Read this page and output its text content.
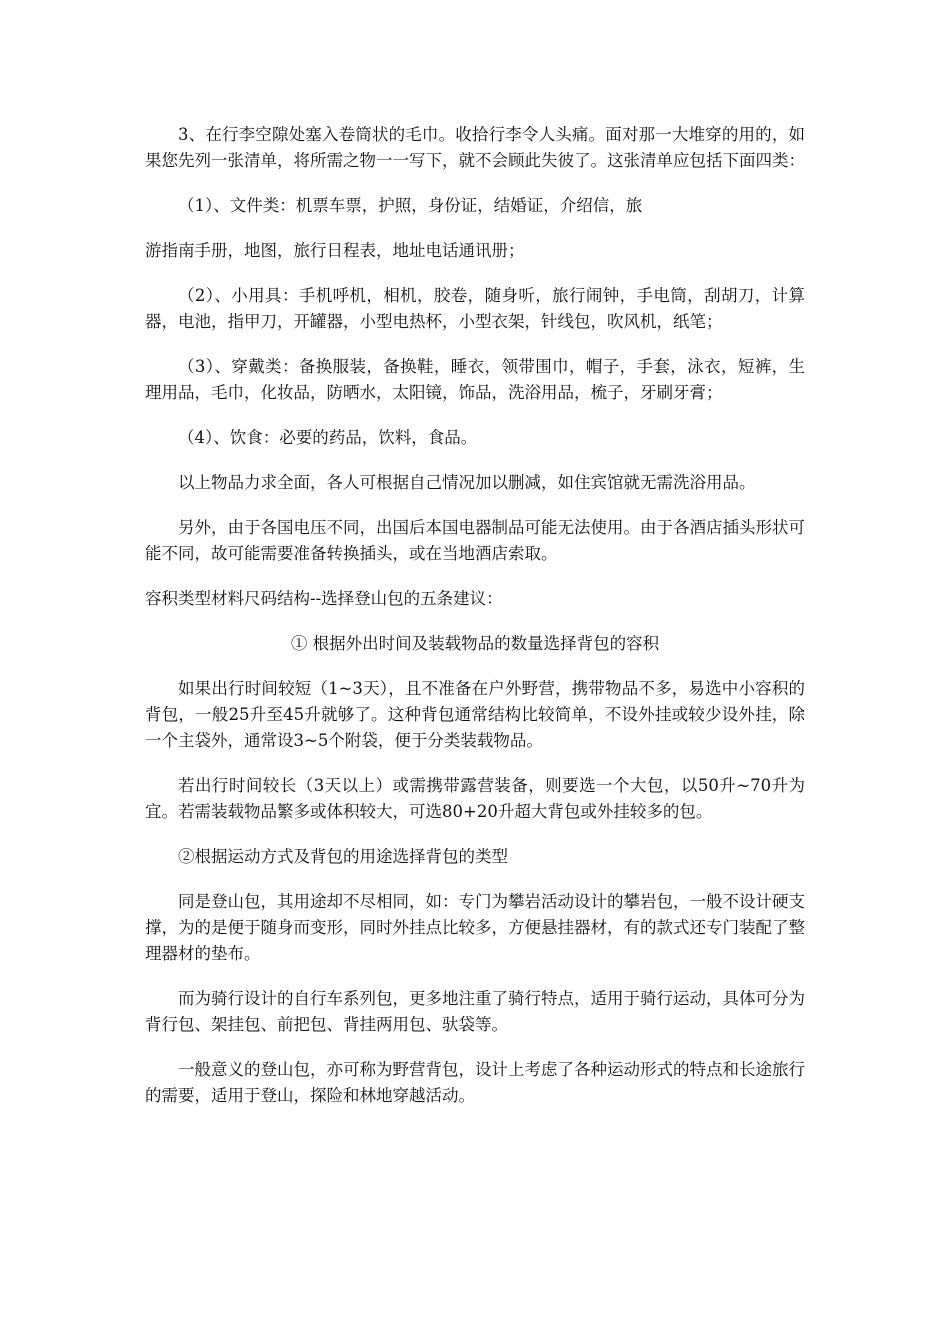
3、在行李空隙处塞入卷筒状的毛巾。收拾行李令人头痛。面对那一大堆穿的用的，如果您先列一张清单，将所需之物一一写下，就不会顾此失彼了。这张清单应包括下面四类：

（1）、文件类：机票车票，护照，身份证，结婚证，介绍信，旅

游指南手册，地图，旅行日程表，地址电话通讯册；

（2）、小用具：手机呼机，相机，胶卷，随身听，旅行闹钟，手电筒，刮胡刀，计算器，电池，指甲刀，开罐器，小型电热杯，小型衣架，针线包，吹风机，纸笔；

（3）、穿戴类：备换服装，备换鞋，睡衣，领带围巾，帽子，手套，泳衣，短裤，生理用品，毛巾，化妆品，防晒水，太阳镜，饰品，洗浴用品，梳子，牙刷牙膏；

（4）、饮食：必要的药品，饮料，食品。

以上物品力求全面，各人可根据自己情况加以删减，如住宾馆就无需洗浴用品。

另外，由于各国电压不同，出国后本国电器制品可能无法使用。由于各酒店插头形状可能不同，故可能需要准备转换插头，或在当地酒店索取。

容积类型材料尺码结构--选择登山包的五条建议：

① 根据外出时间及装载物品的数量选择背包的容积

如果出行时间较短（1~3天），且不准备在户外野营，携带物品不多，易选中小容积的背包，一般25升至45升就够了。这种背包通常结构比较简单，不设外挂或较少设外挂，除一个主袋外，通常设3~5个附袋，便于分类装载物品。

若出行时间较长（3天以上）或需携带露营装备，则要选一个大包，以50升~70升为宜。若需装载物品繁多或体积较大，可选80+20升超大背包或外挂较多的包。

②根据运动方式及背包的用途选择背包的类型

同是登山包，其用途却不尽相同，如：专门为攀岩活动设计的攀岩包，一般不设计硬支撑，为的是便于随身而变形，同时外挂点比较多，方便悬挂器材，有的款式还专门装配了整理器材的垫布。

而为骑行设计的自行车系列包，更多地注重了骑行特点，适用于骑行运动，具体可分为背行包、架挂包、前把包、背挂两用包、驮袋等。

一般意义的登山包，亦可称为野营背包，设计上考虑了各种运动形式的特点和长途旅行的需要，适用于登山，探险和林地穿越活动。
